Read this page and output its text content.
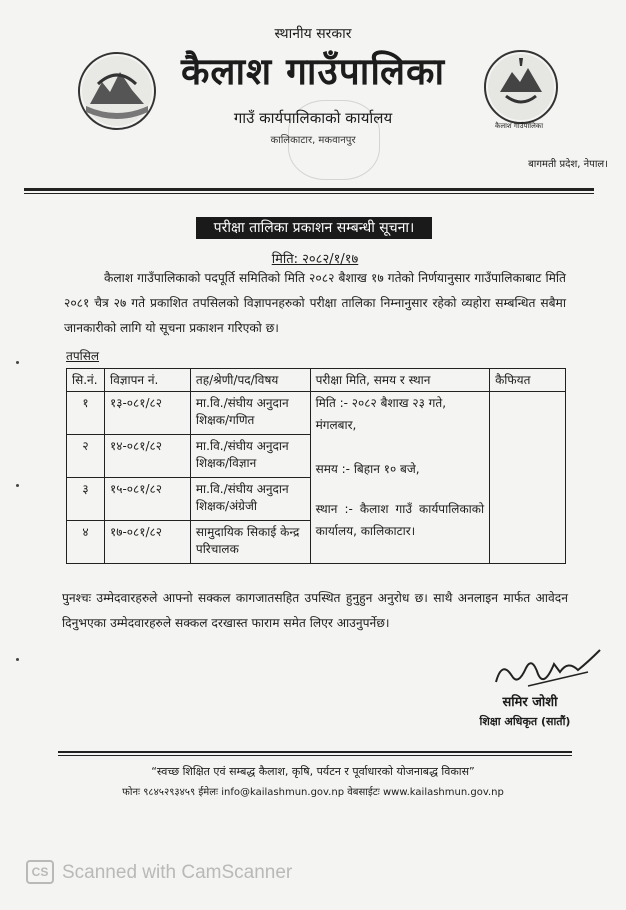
स्थानीय सरकार
कैलाश गाउँपालिका
कैलाश गाउँपालिका
गाउँ कार्यपालिकाको कार्यालय
कालिकाटार, मकवानपुर
बागमती प्रदेश, नेपाल।
परीक्षा तालिका प्रकाशन सम्बन्धी सूचना।
मिति: २०८२/१/१७
कैलाश गाउँपालिकाको पदपूर्ति समितिको मिति २०८२ बैशाख १७ गतेको निर्णयानुसार गाउँपालिकाबाट मिति २०८१ चैत्र २७ गते प्रकाशित तपसिलको विज्ञापनहरुको परीक्षा तालिका निम्नानुसार रहेको व्यहोरा सम्बन्धित सबैमा जानकारीको लागि यो सूचना प्रकाशन गरिएको छ।
तपसिल
सि.नं.	विज्ञापन नं.	तह/श्रेणी/पद/विषय	परीक्षा मिति, समय र स्थान	कैफियत
१	१३-०८१/८२	मा.वि./संघीय अनुदान शिक्षक/गणित	मिति :- २०८२ बैशाख २३ गते, मंगलबार,
समय :- बिहान १० बजे,
स्थान :- कैलाश गाउँ कार्यपालिकाको कार्यालय, कालिकाटार।	

२	१४-०८१/८२	मा.वि./संघीय अनुदान शिक्षक/विज्ञान		
३	१५-०८१/८२	मा.वि./संघीय अनुदान शिक्षक/अंग्रेजी		
४	१७-०८१/८२	सामुदायिक सिकाई केन्द्र परिचालक		
पुनश्चः उम्मेदवारहरुले आफ्नो सक्कल कागजातसहित उपस्थित हुनुहुन अनुरोध छ। साथै अनलाइन मार्फत आवेदन दिनुभएका उम्मेदवारहरुले सक्कल दरखास्त फाराम समेत लिएर आउनुपर्नेछ।
समिर जोशी
शिक्षा अधिकृत (सातौं)
“स्वच्छ शिक्षित एवं सम्बद्ध कैलाश, कृषि, पर्यटन र पूर्वाधारको योजनाबद्ध विकास”
फोनः ९८४५२९३४५९ ईमेलः info@kailashmun.gov.np वेबसाईटः www.kailashmun.gov.np
CS Scanned with CamScanner
